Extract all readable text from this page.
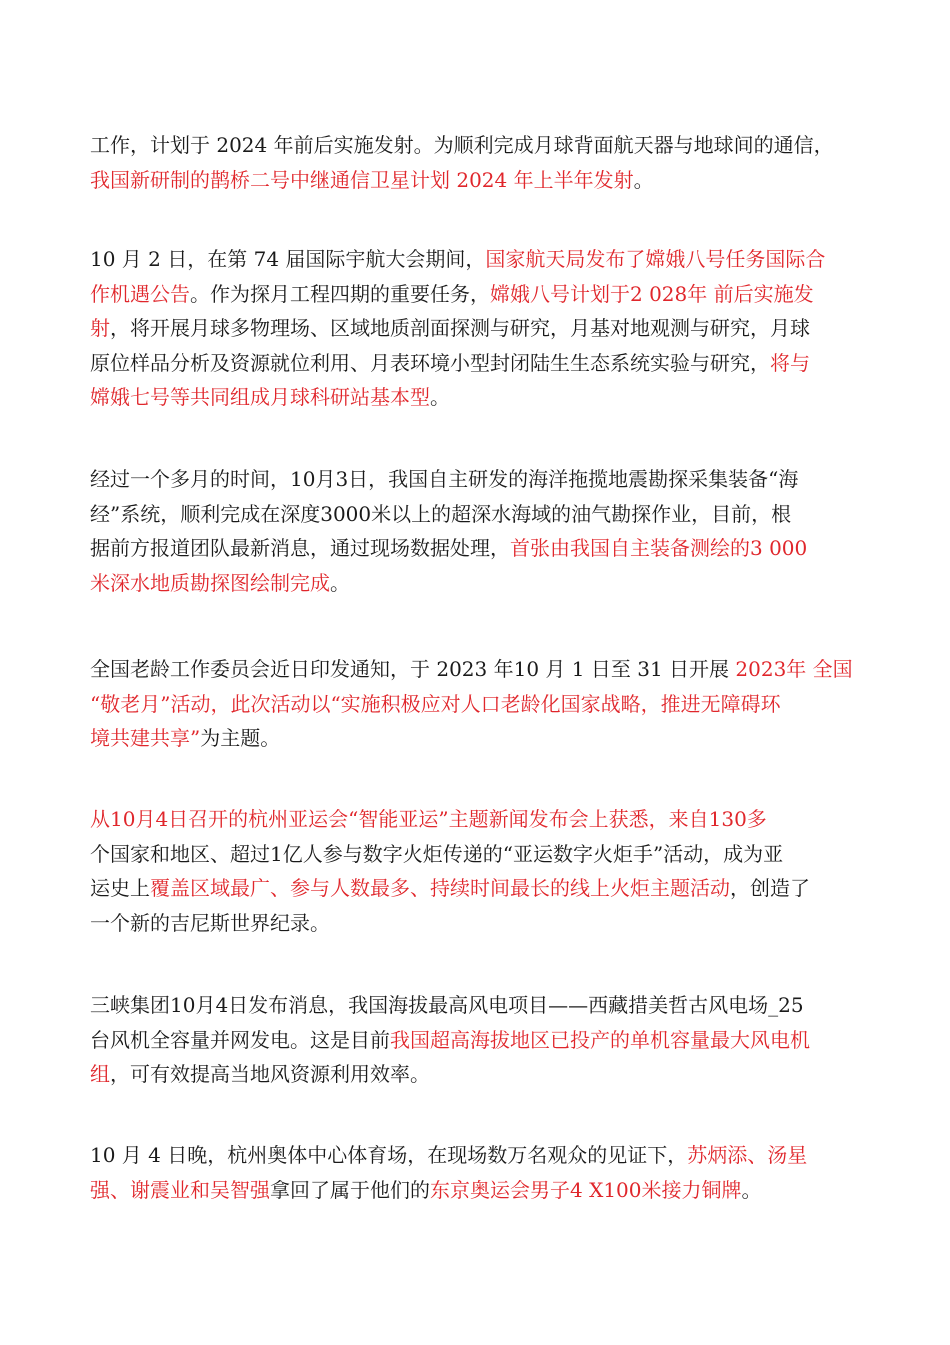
工作，计划于 2024 年前后实施发射。为顺利完成月球背面航天器与地球间的通信，
我国新研制的鹊桥二号中继通信卫星计划 2024 年上半年发射。

10 月 2 日，在第 74 届国际宇航大会期间，国家航天局发布了嫦娥八号任务国际合
作机遇公告。作为探月工程四期的重要任务，嫦娥八号计划于2 028年 前后实施发
射，将开展月球多物理场、区域地质剖面探测与研究，月基对地观测与研究，月球
原位样品分析及资源就位利用、月表环境小型封闭陆生生态系统实验与研究，将与
嫦娥七号等共同组成月球科研站基本型。

经过一个多月的时间，10月3日，我国自主研发的海洋拖揽地震勘探采集装备“海
经”系统，顺利完成在深度3000米以上的超深水海域的油气勘探作业，目前，根
据前方报道团队最新消息，通过现场数据处理，首张由我国自主装备测绘的3 000
米深水地质勘探图绘制完成。

全国老龄工作委员会近日印发通知，于 2023 年10 月 1 日至 31 日开展 2023年 全国
“敬老月”活动，此次活动以“实施积极应对人口老龄化国家战略，推进无障碍环
境共建共享”为主题。

从10月4日召开的杭州亚运会“智能亚运”主题新闻发布会上获悉，来自130多
个国家和地区、超过1亿人参与数字火炬传递的“亚运数字火炬手”活动，成为亚
运史上覆盖区域最广、参与人数最多、持续时间最长的线上火炬主题活动，创造了
一个新的吉尼斯世界纪录。

三峡集团10月4日发布消息，我国海拔最高风电项目——西藏措美哲古风电场_25
台风机全容量并网发电。这是目前我国超高海拔地区已投产的单机容量最大风电机
组，可有效提高当地风资源利用效率。

10 月 4 日晚，杭州奥体中心体育场，在现场数万名观众的见证下，苏炳添、汤星
强、谢震业和吴智强拿回了属于他们的东京奥运会男子4 X100米接力铜牌。
